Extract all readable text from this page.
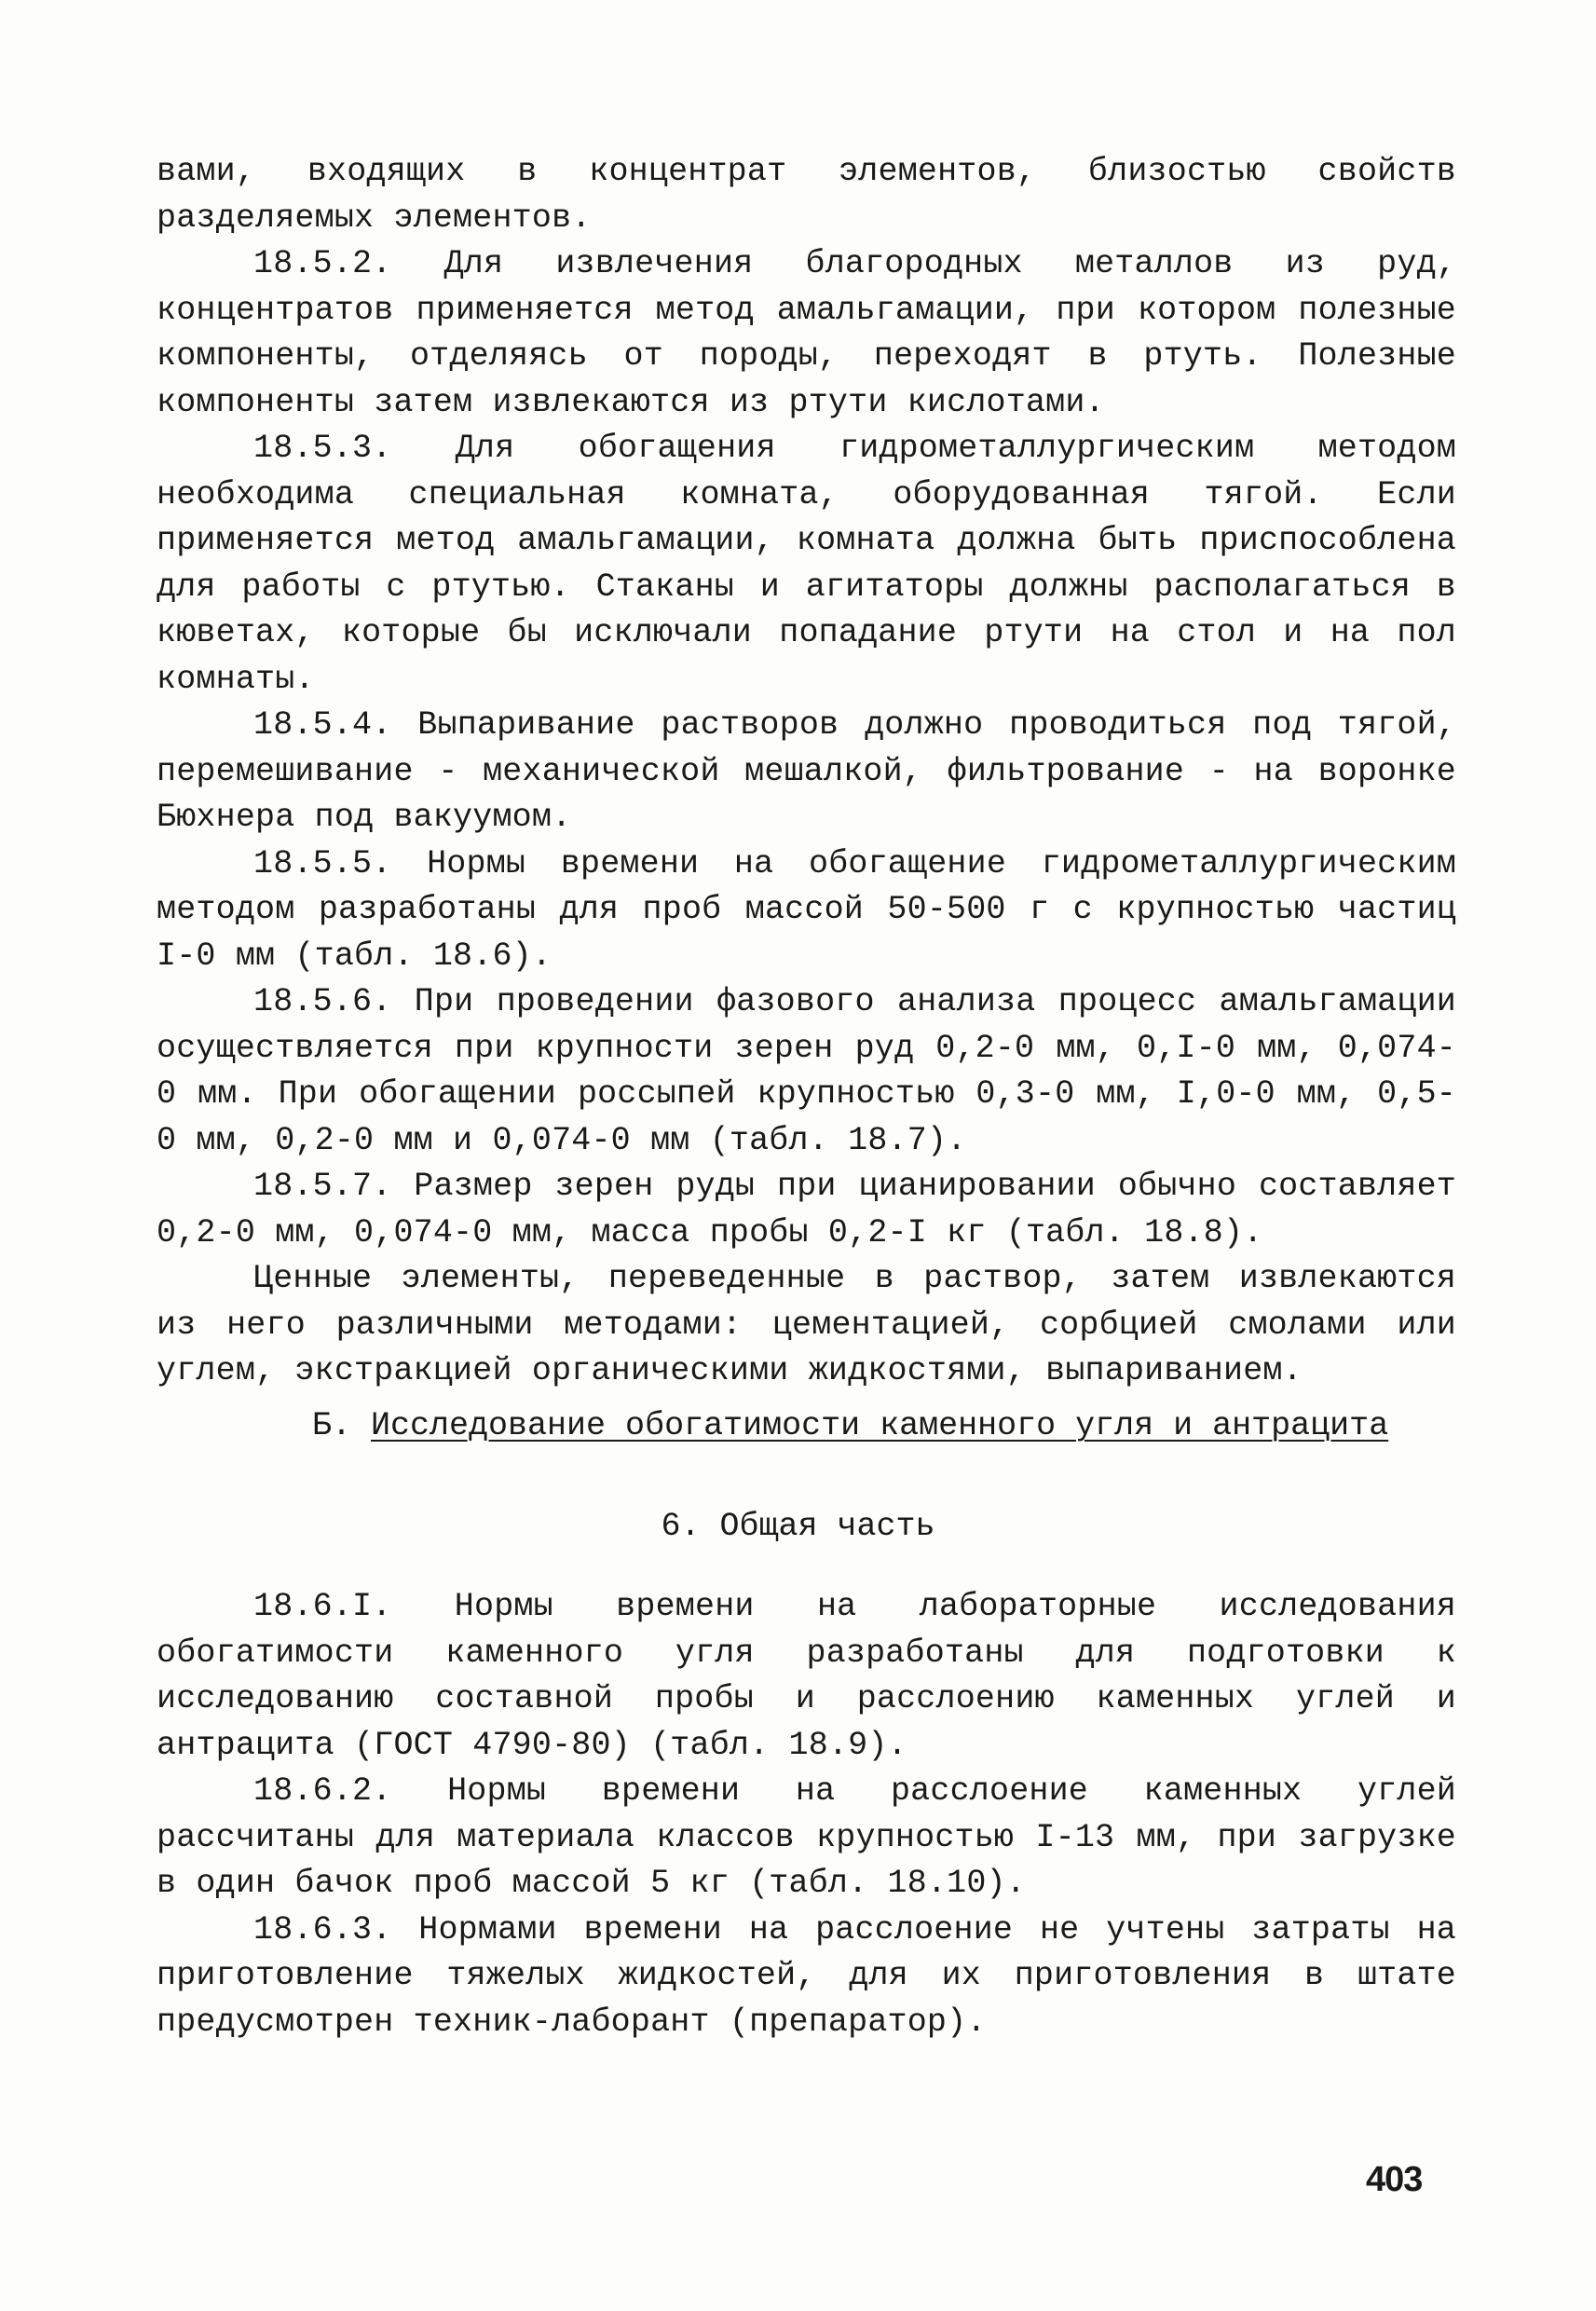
вами, входящих в концентрат элементов, близостью свойств разделяемых элементов.

18.5.2. Для извлечения благородных металлов из руд, концентратов применяется метод амальгамации, при котором полезные компоненты, отделяясь от породы, переходят в ртуть. Полезные компоненты затем извлекаются из ртути кислотами.

18.5.3. Для обогащения гидрометаллургическим методом необходима специальная комната, оборудованная тягой. Если применяется метод амальгамации, комната должна быть приспособлена для работы с ртутью. Стаканы и агитаторы должны располагаться в кюветах, которые бы исключали попадание ртути на стол и на пол комнаты.

18.5.4. Выпаривание растворов должно проводиться под тягой, перемешивание - механической мешалкой, фильтрование - на воронке Бюхнера под вакуумом.

18.5.5. Нормы времени на обогащение гидрометаллургическим методом разработаны для проб массой 50-500 г с крупностью частиц I-0 мм (табл. 18.6).

18.5.6. При проведении фазового анализа процесс амальгамации осуществляется при крупности зерен руд 0,2-0 мм, 0,I-0 мм, 0,074-0 мм. При обогащении россыпей крупностью 0,3-0 мм, I,0-0 мм, 0,5-0 мм, 0,2-0 мм и 0,074-0 мм (табл. 18.7).

18.5.7. Размер зерен руды при цианировании обычно составляет 0,2-0 мм, 0,074-0 мм, масса пробы 0,2-I кг (табл. 18.8).

Ценные элементы, переведенные в раствор, затем извлекаются из него различными методами: цементацией, сорбцией смолами или углем, экстракцией органическими жидкостями, выпариванием.

Б. Исследование обогатимости каменного угля и антрацита
6. Общая часть

18.6.I. Нормы времени на лабораторные исследования обогатимости каменного угля разработаны для подготовки к исследованию составной пробы и расслоению каменных углей и антрацита (ГОСТ 4790-80) (табл. 18.9).

18.6.2. Нормы времени на расслоение каменных углей рассчитаны для материала классов крупностью I-13 мм, при загрузке в один бачок проб массой 5 кг (табл. 18.10).

18.6.3. Нормами времени на расслоение не учтены затраты на приготовление тяжелых жидкостей, для их приготовления в штате предусмотрен техник-лаборант (препаратор).

403
